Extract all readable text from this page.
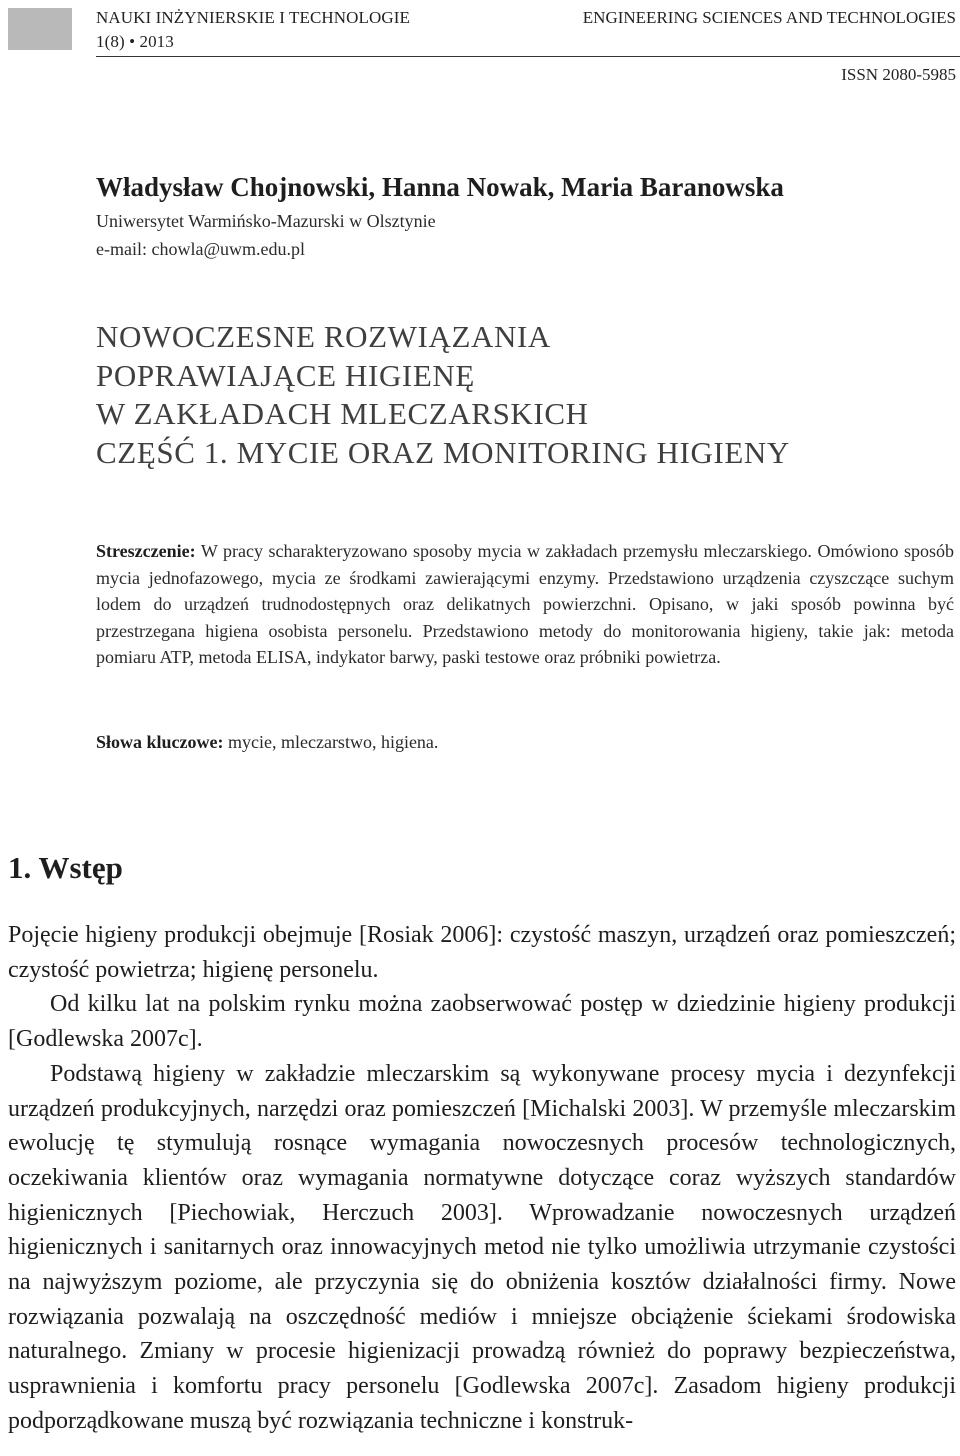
NAUKI INŻYNIERSKIE I TECHNOLOGIE
1(8) • 2013
ENGINEERING SCIENCES AND TECHNOLOGIES
ISSN 2080-5985
Władysław Chojnowski, Hanna Nowak, Maria Baranowska
Uniwersytet Warmińsko-Mazurski w Olsztynie
e-mail: chowla@uwm.edu.pl
NOWOCZESNE ROZWIĄZANIA
POPRAWIAJĄCE HIGIENĘ
W ZAKŁADACH MLECZARSKICH
CZĘŚĆ 1. MYCIE ORAZ MONITORING HIGIENY
Streszczenie: W pracy scharakteryzowano sposoby mycia w zakładach przemysłu mleczarskiego. Omówiono sposób mycia jednofazowego, mycia ze środkami zawierającymi enzymy. Przedstawiono urządzenia czyszczące suchym lodem do urządzeń trudnodostępnych oraz delikatnych powierzchni. Opisano, w jaki sposób powinna być przestrzegana higiena osobista personelu. Przedstawiono metody do monitorowania higieny, takie jak: metoda pomiaru ATP, metoda ELISA, indykator barwy, paski testowe oraz próbniki powietrza.
Słowa kluczowe: mycie, mleczarstwo, higiena.
1. Wstęp

Pojęcie higieny produkcji obejmuje [Rosiak 2006]: czystość maszyn, urządzeń oraz pomieszczeń; czystość powietrza; higienę personelu.

Od kilku lat na polskim rynku można zaobserwować postęp w dziedzinie higieny produkcji [Godlewska 2007c].

Podstawą higieny w zakładzie mleczarskim są wykonywane procesy mycia i dezynfekcji urządzeń produkcyjnych, narzędzi oraz pomieszczeń [Michalski 2003]. W przemyśle mleczarskim ewolucję tę stymulują rosnące wymagania nowoczesnych procesów technologicznych, oczekiwania klientów oraz wymagania normatywne dotyczące coraz wyższych standardów higienicznych [Piechowiak, Herczuch 2003]. Wprowadzanie nowoczesnych urządzeń higienicznych i sanitarnych oraz innowacyjnych metod nie tylko umożliwia utrzymanie czystości na najwyższym poziome, ale przyczynia się do obniżenia kosztów działalności firmy. Nowe rozwiązania pozwalają na oszczędność mediów i mniejsze obciążenie ściekami środowiska naturalnego. Zmiany w procesie higienizacji prowadzą również do poprawy bezpieczeństwa, usprawnienia i komfortu pracy personelu [Godlewska 2007c]. Zasadom higieny produkcji podporządkowane muszą być rozwiązania techniczne i konstruk-
